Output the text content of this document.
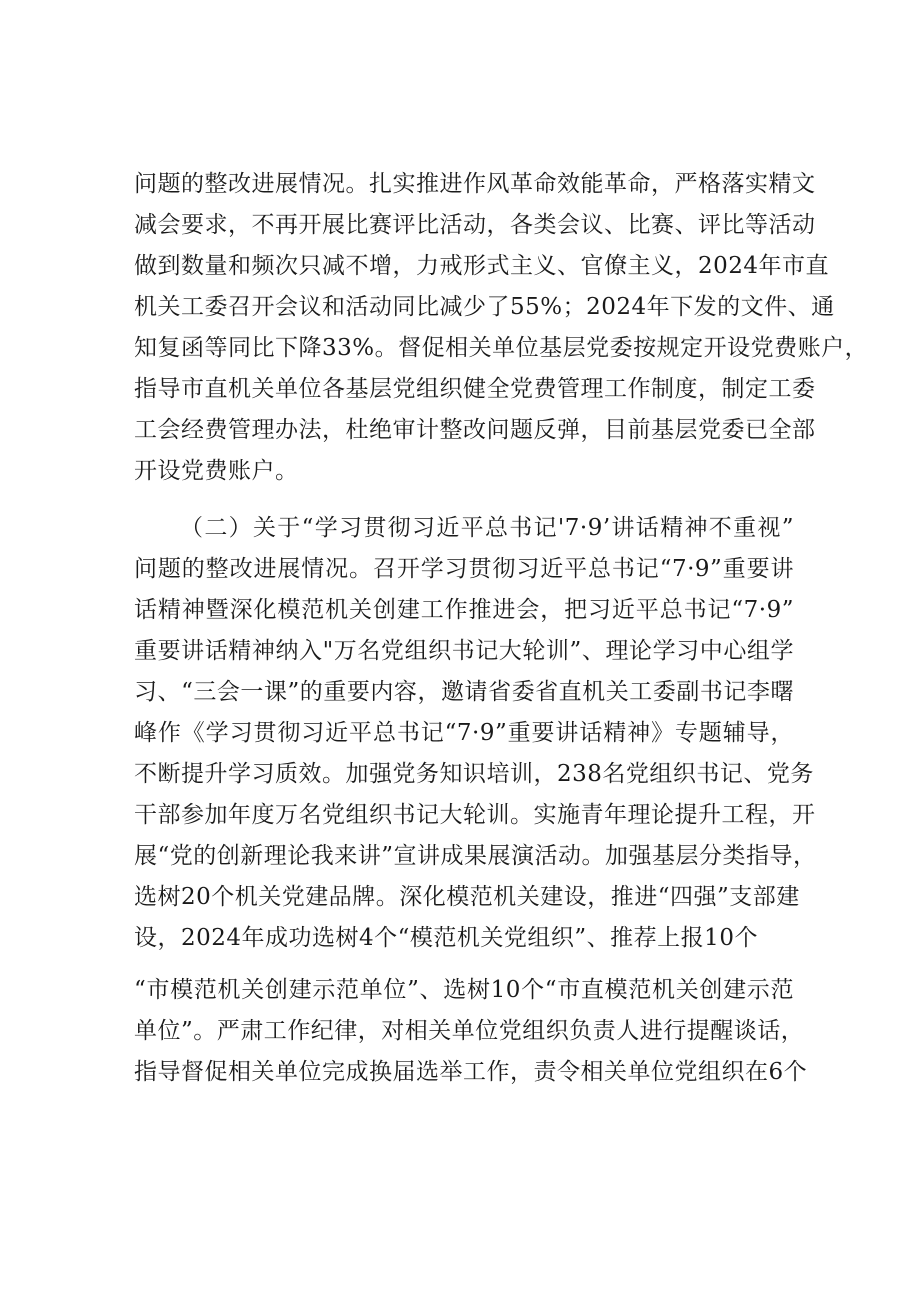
问题的整改进展情况。扎实推进作风革命效能革命，严格落实精文
减会要求，不再开展比赛评比活动，各类会议、比赛、评比等活动
做到数量和频次只减不增，力戒形式主义、官僚主义，2024年市直
机关工委召开会议和活动同比减少了55%；2024年下发的文件、通
知复函等同比下降33%。督促相关单位基层党委按规定开设党费账户，
指导市直机关单位各基层党组织健全党费管理工作制度，制定工委
工会经费管理办法，杜绝审计整改问题反弹，目前基层党委已全部
开设党费账户。
（二）关于“学习贯彻习近平总书记'7·9’讲话精神不重视”
问题的整改进展情况。召开学习贯彻习近平总书记“7·9”重要讲
话精神暨深化模范机关创建工作推进会，把习近平总书记“7·9”
重要讲话精神纳入"万名党组织书记大轮训”、理论学习中心组学
习、“三会一课”的重要内容，邀请省委省直机关工委副书记李曙
峰作《学习贯彻习近平总书记“7·9”重要讲话精神》专题辅导，
不断提升学习质效。加强党务知识培训，238名党组织书记、党务
干部参加年度万名党组织书记大轮训。实施青年理论提升工程，开
展“党的创新理论我来讲”宣讲成果展演活动。加强基层分类指导，
选树20个机关党建品牌。深化模范机关建设，推进“四强”支部建
设，2024年成功选树4个“模范机关党组织”、推荐上报10个
“市模范机关创建示范单位”、选树10个“市直模范机关创建示范
单位”。严肃工作纪律，对相关单位党组织负责人进行提醒谈话，
指导督促相关单位完成换届选举工作，责令相关单位党组织在6个
